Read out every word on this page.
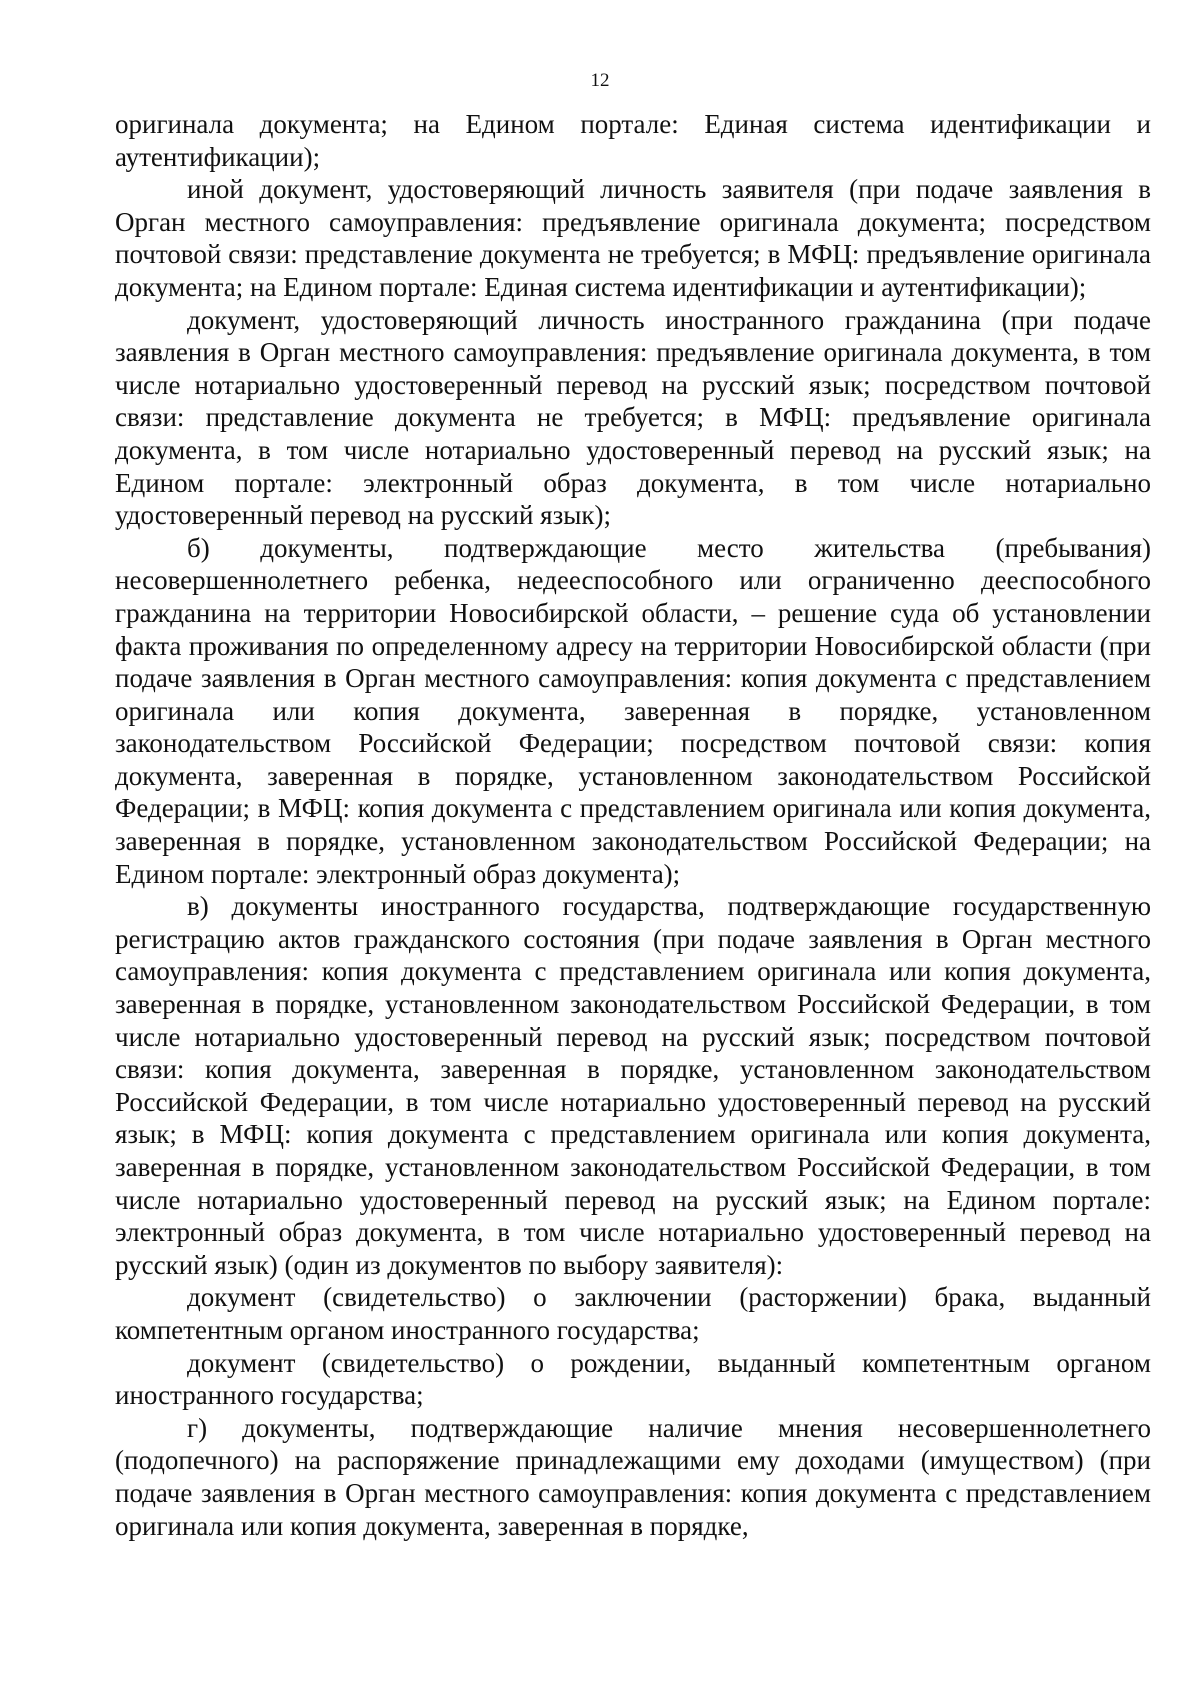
12

оригинала документа; на Едином портале: Единая система идентификации и аутентификации);

иной документ, удостоверяющий личность заявителя (при подаче заявления в Орган местного самоуправления: предъявление оригинала документа; посредством почтовой связи: представление документа не требуется; в МФЦ: предъявление оригинала документа; на Едином портале: Единая система идентификации и аутентификации);

документ, удостоверяющий личность иностранного гражданина (при подаче заявления в Орган местного самоуправления: предъявление оригинала документа, в том числе нотариально удостоверенный перевод на русский язык; посредством почтовой связи: представление документа не требуется; в МФЦ: предъявление оригинала документа, в том числе нотариально удостоверенный перевод на русский язык; на Едином портале: электронный образ документа, в том числе нотариально удостоверенный перевод на русский язык);

б) документы, подтверждающие место жительства (пребывания) несовершеннолетнего ребенка, недееспособного или ограниченно дееспособного гражданина на территории Новосибирской области, – решение суда об установлении факта проживания по определенному адресу на территории Новосибирской области (при подаче заявления в Орган местного самоуправления: копия документа с представлением оригинала или копия документа, заверенная в порядке, установленном законодательством Российской Федерации; посредством почтовой связи: копия документа, заверенная в порядке, установленном законодательством Российской Федерации; в МФЦ: копия документа с представлением оригинала или копия документа, заверенная в порядке, установленном законодательством Российской Федерации; на Едином портале: электронный образ документа);

в) документы иностранного государства, подтверждающие государственную регистрацию актов гражданского состояния (при подаче заявления в Орган местного самоуправления: копия документа с представлением оригинала или копия документа, заверенная в порядке, установленном законодательством Российской Федерации, в том числе нотариально удостоверенный перевод на русский язык; посредством почтовой связи: копия документа, заверенная в порядке, установленном законодательством Российской Федерации, в том числе нотариально удостоверенный перевод на русский язык; в МФЦ: копия документа с представлением оригинала или копия документа, заверенная в порядке, установленном законодательством Российской Федерации, в том числе нотариально удостоверенный перевод на русский язык; на Едином портале: электронный образ документа, в том числе нотариально удостоверенный перевод на русский язык) (один из документов по выбору заявителя):

документ (свидетельство) о заключении (расторжении) брака, выданный компетентным органом иностранного государства;

документ (свидетельство) о рождении, выданный компетентным органом иностранного государства;

г) документы, подтверждающие наличие мнения несовершеннолетнего (подопечного) на распоряжение принадлежащими ему доходами (имуществом) (при подаче заявления в Орган местного самоуправления: копия документа с представлением оригинала или копия документа, заверенная в порядке,
